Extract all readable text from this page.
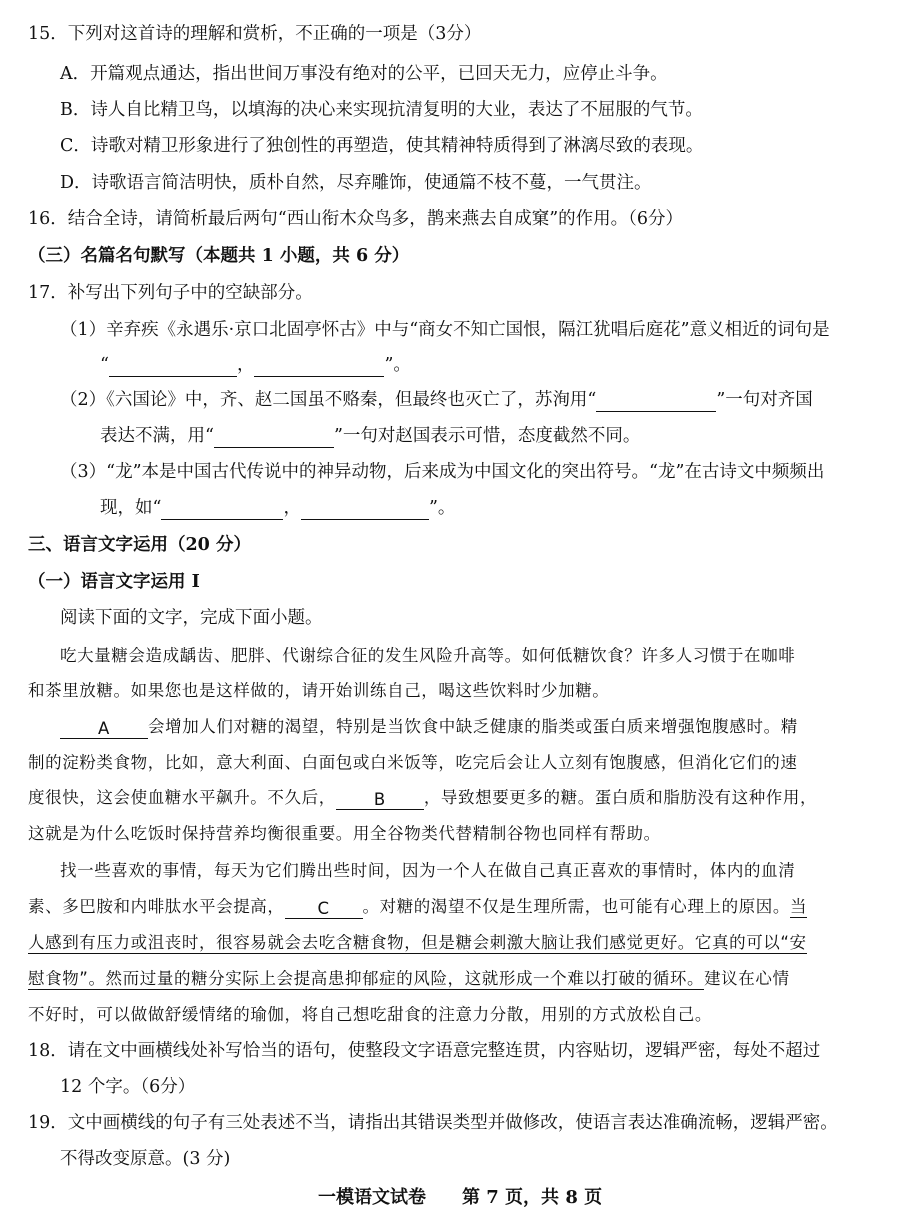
15．下列对这首诗的理解和赏析，不正确的一项是（3分）
A．开篇观点通达，指出世间万事没有绝对的公平，已回天无力，应停止斗争。
B．诗人自比精卫鸟，以填海的决心来实现抗清复明的大业，表达了不屈服的气节。
C．诗歌对精卫形象进行了独创性的再塑造，使其精神特质得到了淋漓尽致的表现。
D．诗歌语言简洁明快，质朴自然，尽弃雕饰，使通篇不枝不蔓，一气贯注。
16．结合全诗，请简析最后两句“西山衔木众鸟多，鹊来燕去自成窠”的作用。（6分）
（三）名篇名句默写（本题共 1 小题，共 6 分）
17．补写出下列句子中的空缺部分。
（1）辛弃疾《永遇乐·京口北固亭怀古》中与“商女不知亡国恨，隔江犹唱后庭花”意义相近的词句是
“	，	”。
（2）《六国论》中，齐、赵二国虽不赂秦，但最终也灭亡了，苏洵用“	”一句对齐国
表达不满，用“	”一句对赵国表示可惜，态度截然不同。
（3）“龙”本是中国古代传说中的神异动物，后来成为中国文化的突出符号。“龙”在古诗文中频频出
现，如“	，	”。
三、语言文字运用（20 分）
（一）语言文字运用 I
阅读下面的文字，完成下面小题。
吃大量糖会造成龋齿、肥胖、代谢综合征的发生风险升高等。如何低糖饮食？许多人习惯于在咖啡
和茶里放糖。如果您也是这样做的，请开始训练自己，喝这些饮料时少加糖。
A 会增加人们对糖的渴望，特别是当饮食中缺乏健康的脂类或蛋白质来增强饱腹感时。精
制的淀粉类食物，比如，意大利面、白面包或白米饭等，吃完后会让人立刻有饱腹感，但消化它们的速
度很快，这会使血糖水平飙升。不久后， B ，导致想要更多的糖。蛋白质和脂肪没有这种作用，
这就是为什么吃饭时保持营养均衡很重要。用全谷物类代替精制谷物也同样有帮助。
找一些喜欢的事情，每天为它们腾出些时间，因为一个人在做自己真正喜欢的事情时，体内的血清
素、多巴胺和内啡肽水平会提高， C 。对糖的渴望不仅是生理所需，也可能有心理上的原因。当
人感到有压力或沮丧时，很容易就会去吃含糖食物，但是糖会刺激大脑让我们感觉更好。它真的可以“安
慰食物”。然而过量的糖分实际上会提高患抑郁症的风险，这就形成一个难以打破的循环。建议在心情
不好时，可以做做舒缓情绪的瑜伽，将自己想吃甜食的注意力分散，用别的方式放松自己。
18．请在文中画横线处补写恰当的语句，使整段文字语意完整连贯，内容贴切，逻辑严密，每处不超过
12 个字。（6分）
19．文中画横线的句子有三处表述不当，请指出其错误类型并做修改，使语言表达准确流畅，逻辑严密。
不得改变原意。(3 分)
一模语文试卷 第 7 页，共 8 页
